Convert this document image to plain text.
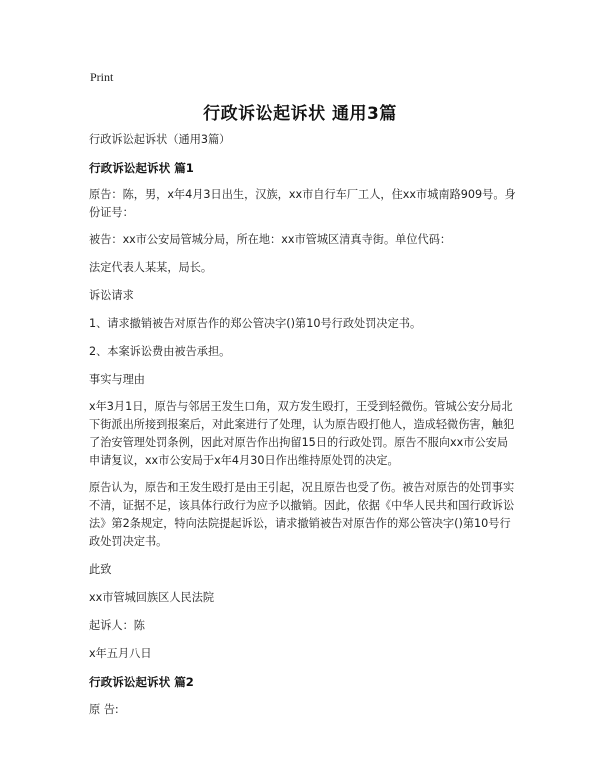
Print
行政诉讼起诉状 通用3篇

行政诉讼起诉状（通用3篇）

行政诉讼起诉状 篇1

原告：陈，男，x年4月3日出生，汉族，xx市自行车厂工人，住xx市城南路909号。身份证号：

被告：xx市公安局管城分局，所在地：xx市管城区清真寺街。单位代码：

法定代表人某某，局长。

诉讼请求

1、请求撤销被告对原告作的郑公管决字()第10号行政处罚决定书。

2、本案诉讼费由被告承担。

事实与理由

x年3月1日，原告与邻居王发生口角，双方发生殴打，王受到轻微伤。管城公安分局北下街派出所接到报案后，对此案进行了处理，认为原告殴打他人，造成轻微伤害，触犯了治安管理处罚条例，因此对原告作出拘留15日的行政处罚。原告不服向xx市公安局申请复议，xx市公安局于x年4月30日作出维持原处罚的决定。

原告认为，原告和王发生殴打是由王引起，况且原告也受了伤。被告对原告的处罚事实不清，证据不足，该具体行政行为应予以撤销。因此，依据《中华人民共和国行政诉讼法》第2条规定，特向法院提起诉讼，请求撤销被告对原告作的郑公管决字()第10号行政处罚决定书。

此致

xx市管城回族区人民法院

起诉人：陈

x年五月八日

行政诉讼起诉状 篇2

原 告:
